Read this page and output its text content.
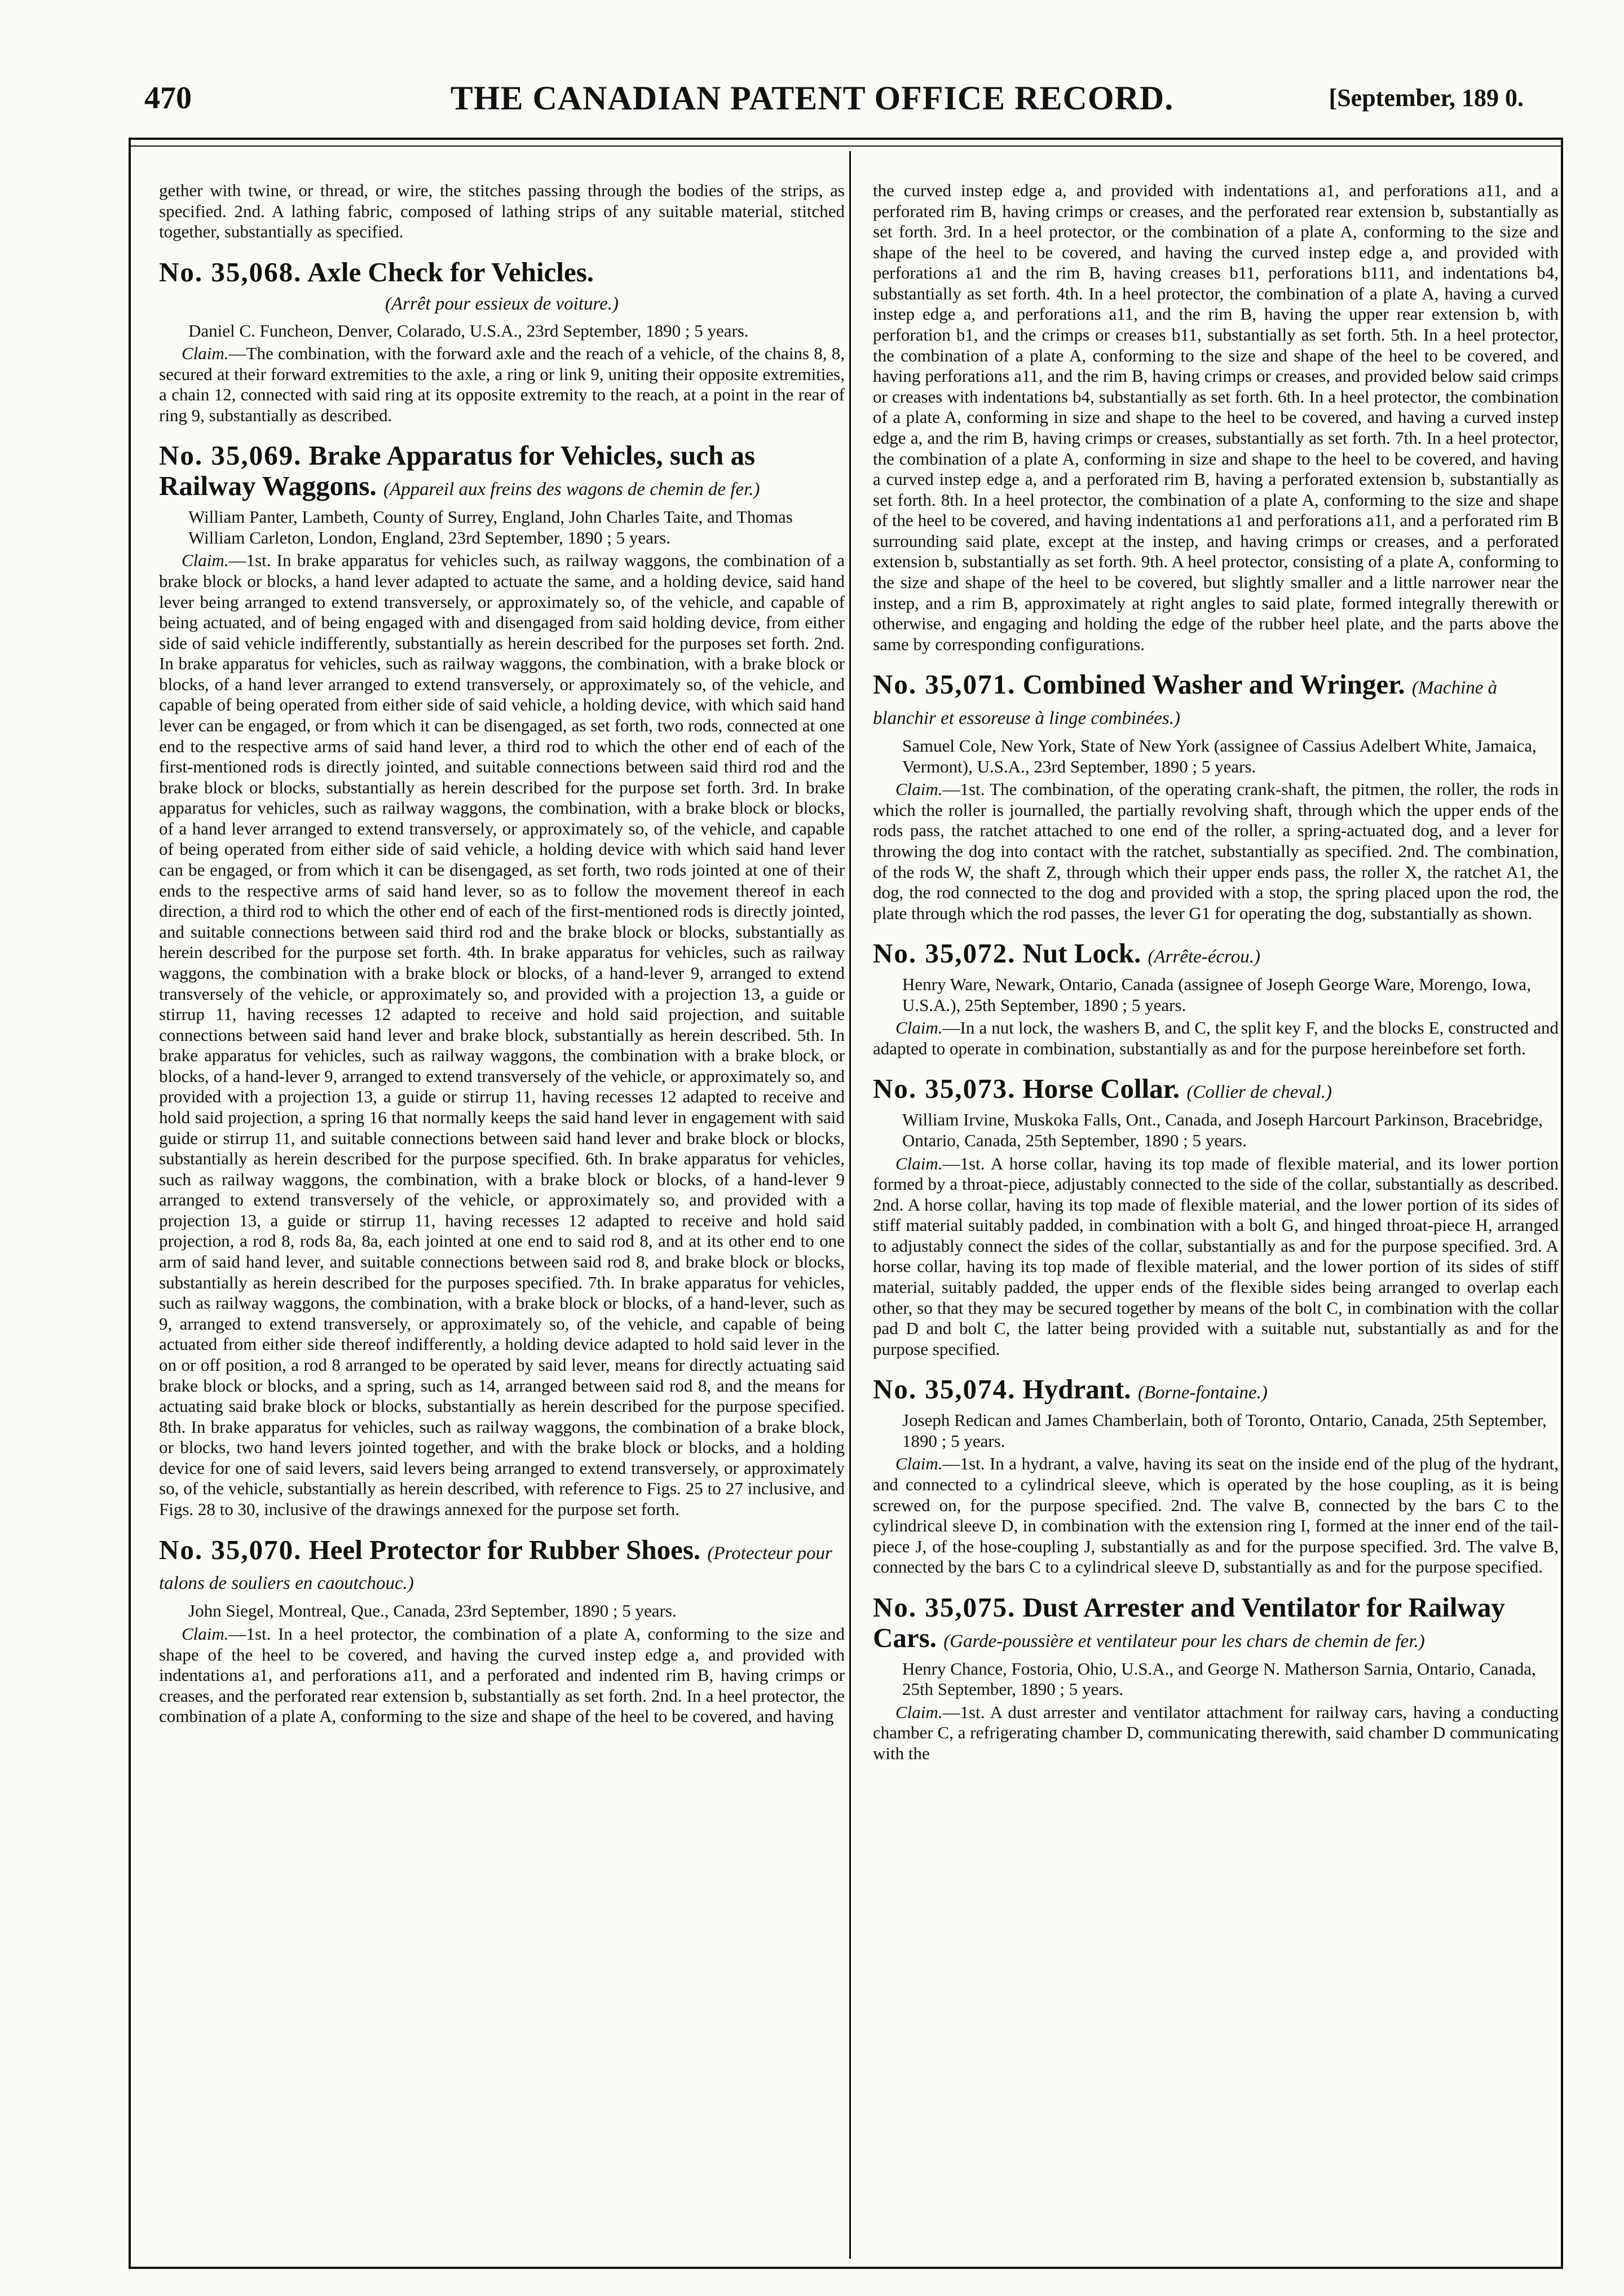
470	THE CANADIAN PATENT OFFICE RECORD.	[September, 189 0.

gether with twine, or thread, or wire, the stitches passing through the bodies of the strips, as specified. 2nd. A lathing fabric, composed of lathing strips of any suitable material, stitched together, substantially as specified.

No. 35,068. Axle Check for Vehicles.
(Arrêt pour essieux de voiture.)

Daniel C. Funcheon, Denver, Colarado, U.S.A., 23rd September, 1890 ; 5 years.

Claim.—The combination, with the forward axle and the reach of a vehicle, of the chains 8, 8, secured at their forward extremities to the axle, a ring or link 9, uniting their opposite extremities, a chain 12, connected with said ring at its opposite extremity to the reach, at a point in the rear of ring 9, substantially as described.

No. 35,069. Brake Apparatus for Vehicles, such as Railway Waggons. (Appareil aux freins des wagons de chemin de fer.)

William Panter, Lambeth, County of Surrey, England, John Charles Taite, and Thomas William Carleton, London, England, 23rd September, 1890 ; 5 years.

Claim.—1st. In brake apparatus for vehicles such, as railway waggons, the combination of a brake block or blocks, a hand lever adapted to actuate the same, and a holding device, said hand lever being arranged to extend transversely, or approximately so, of the vehicle, and capable of being actuated, and of being engaged with and disengaged from said holding device, from either side of said vehicle indifferently, substantially as herein described for the purposes set forth. 2nd. In brake apparatus for vehicles, such as railway waggons, the combination, with a brake block or blocks, of a hand lever arranged to extend transversely, or approximately so, of the vehicle, and capable of being operated from either side of said vehicle, a holding device, with which said hand lever can be engaged, or from which it can be disengaged, as set forth, two rods, connected at one end to the respective arms of said hand lever, a third rod to which the other end of each of the first-mentioned rods is directly jointed, and suitable connections between said third rod and the brake block or blocks, substantially as herein described for the purpose set forth. 3rd. In brake apparatus for vehicles, such as railway waggons, the combination, with a brake block or blocks, of a hand lever arranged to extend transversely, or approximately so, of the vehicle, and capable of being operated from either side of said vehicle, a holding device with which said hand lever can be engaged, or from which it can be disengaged, as set forth, two rods jointed at one of their ends to the respective arms of said hand lever, so as to follow the movement thereof in each direction, a third rod to which the other end of each of the first-mentioned rods is directly jointed, and suitable connections between said third rod and the brake block or blocks, substantially as herein described for the purpose set forth. 4th. In brake apparatus for vehicles, such as railway waggons, the combination with a brake block or blocks, of a hand-lever 9, arranged to extend transversely of the vehicle, or approximately so, and provided with a projection 13, a guide or stirrup 11, having recesses 12 adapted to receive and hold said projection, and suitable connections between said hand lever and brake block, substantially as herein described. 5th. In brake apparatus for vehicles, such as railway waggons, the combination with a brake block, or blocks, of a hand-lever 9, arranged to extend transversely of the vehicle, or approximately so, and provided with a projection 13, a guide or stirrup 11, having recesses 12 adapted to receive and hold said projection, a spring 16 that normally keeps the said hand lever in engagement with said guide or stirrup 11, and suitable connections between said hand lever and brake block or blocks, substantially as herein described for the purpose specified. 6th. In brake apparatus for vehicles, such as railway waggons, the combination, with a brake block or blocks, of a hand-lever 9 arranged to extend transversely of the vehicle, or approximately so, and provided with a projection 13, a guide or stirrup 11, having recesses 12 adapted to receive and hold said projection, a rod 8, rods 8a, 8a, each jointed at one end to said rod 8, and at its other end to one arm of said hand lever, and suitable connections between said rod 8, and brake block or blocks, substantially as herein described for the purposes specified. 7th. In brake apparatus for vehicles, such as railway waggons, the combination, with a brake block or blocks, of a hand-lever, such as 9, arranged to extend transversely, or approximately so, of the vehicle, and capable of being actuated from either side thereof indifferently, a holding device adapted to hold said lever in the on or off position, a rod 8 arranged to be operated by said lever, means for directly actuating said brake block or blocks, and a spring, such as 14, arranged between said rod 8, and the means for actuating said brake block or blocks, substantially as herein described for the purpose specified. 8th. In brake apparatus for vehicles, such as railway waggons, the combination of a brake block, or blocks, two hand levers jointed together, and with the brake block or blocks, and a holding device for one of said levers, said levers being arranged to extend transversely, or approximately so, of the vehicle, substantially as herein described, with reference to Figs. 25 to 27 inclusive, and Figs. 28 to 30, inclusive of the drawings annexed for the purpose set forth.

No. 35,070. Heel Protector for Rubber Shoes. (Protecteur pour talons de souliers en caoutchouc.)

John Siegel, Montreal, Que., Canada, 23rd September, 1890 ; 5 years.

Claim.—1st. In a heel protector, the combination of a plate A, conforming to the size and shape of the heel to be covered, and having the curved instep edge a, and provided with indentations a1, and perforations a11, and a perforated and indented rim B, having crimps or creases, and the perforated rear extension b, substantially as set forth. 2nd. In a heel protector, the combination of a plate A, conforming to the size and shape of the heel to be covered, and having

the curved instep edge a, and provided with indentations a1, and perforations a11, and a perforated rim B, having crimps or creases, and the perforated rear extension b, substantially as set forth. 3rd. In a heel protector, or the combination of a plate A, conforming to the size and shape of the heel to be covered, and having the curved instep edge a, and provided with perforations a1 and the rim B, having creases b11, perforations b111, and indentations b4, substantially as set forth. 4th. In a heel protector, the combination of a plate A, having a curved instep edge a, and perforations a11, and the rim B, having the upper rear extension b, with perforation b1, and the crimps or creases b11, substantially as set forth. 5th. In a heel protector, the combination of a plate A, conforming to the size and shape of the heel to be covered, and having perforations a11, and the rim B, having crimps or creases, and provided below said crimps or creases with indentations b4, substantially as set forth. 6th. In a heel protector, the combination of a plate A, conforming in size and shape to the heel to be covered, and having a curved instep edge a, and the rim B, having crimps or creases, substantially as set forth. 7th. In a heel protector, the combination of a plate A, conforming in size and shape to the heel to be covered, and having a curved instep edge a, and a perforated rim B, having a perforated extension b, substantially as set forth. 8th. In a heel protector, the combination of a plate A, conforming to the size and shape of the heel to be covered, and having indentations a1 and perforations a11, and a perforated rim B surrounding said plate, except at the instep, and having crimps or creases, and a perforated extension b, substantially as set forth. 9th. A heel protector, consisting of a plate A, conforming to the size and shape of the heel to be covered, but slightly smaller and a little narrower near the instep, and a rim B, approximately at right angles to said plate, formed integrally therewith or otherwise, and engaging and holding the edge of the rubber heel plate, and the parts above the same by corresponding configurations.

No. 35,071. Combined Washer and Wringer. (Machine à blanchir et essoreuse à linge combinées.)

Samuel Cole, New York, State of New York (assignee of Cassius Adelbert White, Jamaica, Vermont), U.S.A., 23rd September, 1890 ; 5 years.

Claim.—1st. The combination, of the operating crank-shaft, the pitmen, the roller, the rods in which the roller is journalled, the partially revolving shaft, through which the upper ends of the rods pass, the ratchet attached to one end of the roller, a spring-actuated dog, and a lever for throwing the dog into contact with the ratchet, substantially as specified. 2nd. The combination, of the rods W, the shaft Z, through which their upper ends pass, the roller X, the ratchet A1, the dog, the rod connected to the dog and provided with a stop, the spring placed upon the rod, the plate through which the rod passes, the lever G1 for operating the dog, substantially as shown.

No. 35,072. Nut Lock. (Arrête-écrou.)

Henry Ware, Newark, Ontario, Canada (assignee of Joseph George Ware, Morengo, Iowa, U.S.A.), 25th September, 1890 ; 5 years.

Claim.—In a nut lock, the washers B, and C, the split key F, and the blocks E, constructed and adapted to operate in combination, substantially as and for the purpose hereinbefore set forth.

No. 35,073. Horse Collar. (Collier de cheval.)

William Irvine, Muskoka Falls, Ont., Canada, and Joseph Harcourt Parkinson, Bracebridge, Ontario, Canada, 25th September, 1890 ; 5 years.

Claim.—1st. A horse collar, having its top made of flexible material, and its lower portion formed by a throat-piece, adjustably connected to the side of the collar, substantially as described. 2nd. A horse collar, having its top made of flexible material, and the lower portion of its sides of stiff material suitably padded, in combination with a bolt G, and hinged throat-piece H, arranged to adjustably connect the sides of the collar, substantially as and for the purpose specified. 3rd. A horse collar, having its top made of flexible material, and the lower portion of its sides of stiff material, suitably padded, the upper ends of the flexible sides being arranged to overlap each other, so that they may be secured together by means of the bolt C, in combination with the collar pad D and bolt C, the latter being provided with a suitable nut, substantially as and for the purpose specified.

No. 35,074. Hydrant. (Borne-fontaine.)

Joseph Redican and James Chamberlain, both of Toronto, Ontario, Canada, 25th September, 1890 ; 5 years.

Claim.—1st. In a hydrant, a valve, having its seat on the inside end of the plug of the hydrant, and connected to a cylindrical sleeve, which is operated by the hose coupling, as it is being screwed on, for the purpose specified. 2nd. The valve B, connected by the bars C to the cylindrical sleeve D, in combination with the extension ring I, formed at the inner end of the tail-piece J, of the hose-coupling J, substantially as and for the purpose specified. 3rd. The valve B, connected by the bars C to a cylindrical sleeve D, substantially as and for the purpose specified.

No. 35,075. Dust Arrester and Ventilator for Railway Cars. (Garde-poussière et ventilateur pour les chars de chemin de fer.)

Henry Chance, Fostoria, Ohio, U.S.A., and George N. Matherson Sarnia, Ontario, Canada, 25th September, 1890 ; 5 years.

Claim.—1st. A dust arrester and ventilator attachment for railway cars, having a conducting chamber C, a refrigerating chamber D, communicating therewith, said chamber D communicating with the
